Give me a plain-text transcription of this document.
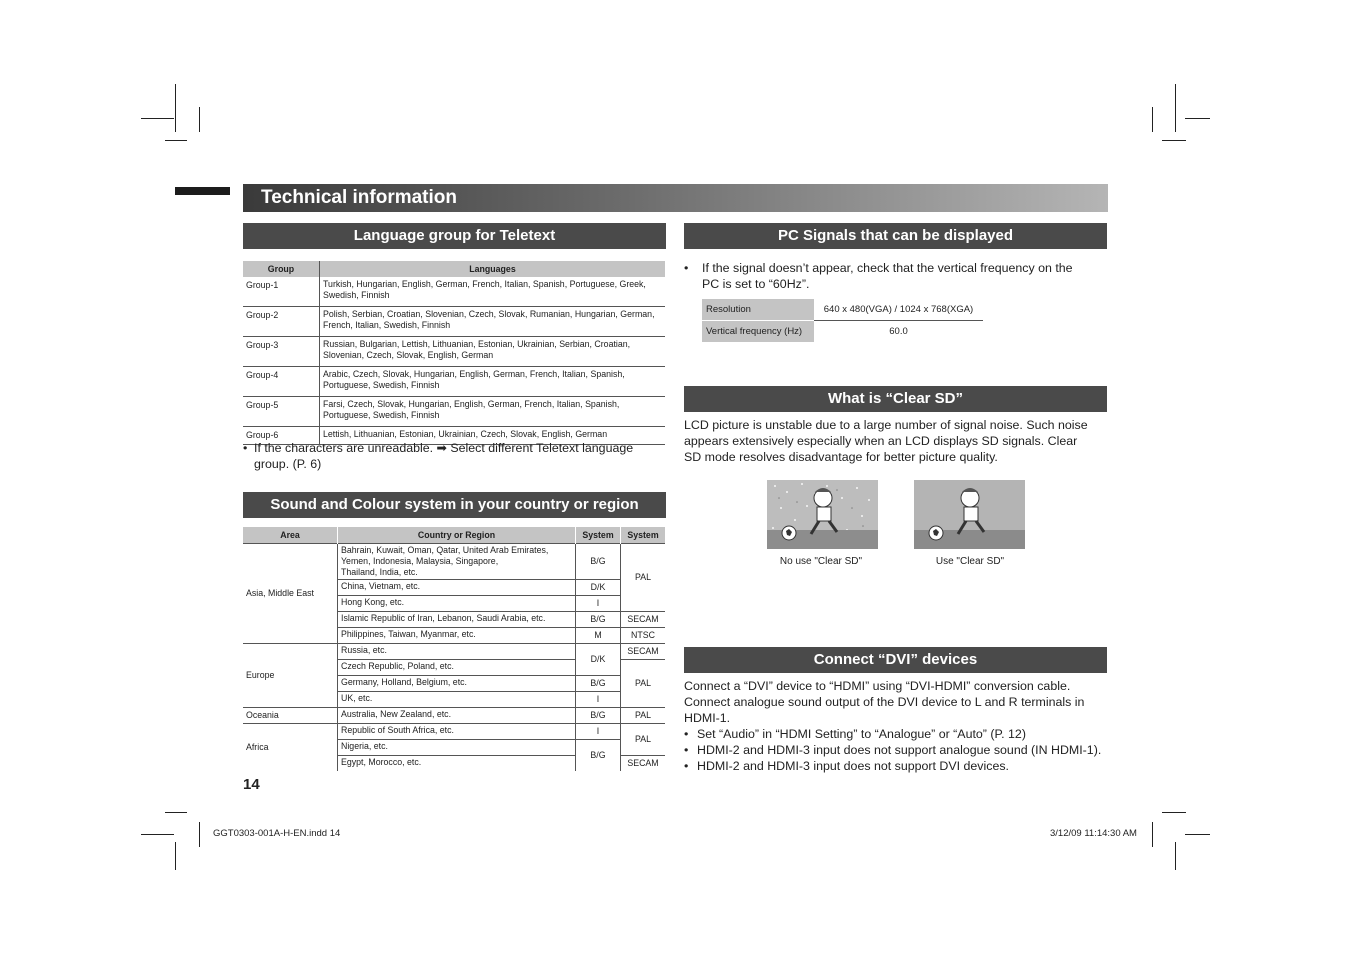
Technical information
Language group for Teletext
Group	Languages
Group-1	Turkish, Hungarian, English, German, French, Italian, Spanish, Portuguese, Greek, Swedish, Finnish
Group-2	Polish, Serbian, Croatian, Slovenian, Czech, Slovak, Rumanian, Hungarian, German, French, Italian, Swedish, Finnish
Group-3	Russian, Bulgarian, Lettish, Lithuanian, Estonian, Ukrainian, Serbian, Croatian, Slovenian, Czech, Slovak, English, German
Group-4	Arabic, Czech, Slovak, Hungarian, English, German, French, Italian, Spanish, Portuguese, Swedish, Finnish
Group-5	Farsi, Czech, Slovak, Hungarian, English, German, French, Italian, Spanish, Portuguese, Swedish, Finnish
Group-6	Lettish, Lithuanian, Estonian, Ukrainian, Czech, Slovak, English, German
• If the characters are unreadable. ➡ Select different Teletext language
group. (P. 6)
Sound and Colour system in your country or region
Area	Country or Region	System	System
Asia, Middle East	Bahrain, Kuwait, Oman, Qatar, United Arab Emirates,
Yemen, Indonesia, Malaysia, Singapore,
Thailand, India, etc.	B/G	PAL
	China, Vietnam, etc.	D/K	
	Hong Kong, etc.	I	
	Islamic Republic of Iran, Lebanon, Saudi Arabia, etc.	B/G	SECAM
	Philippines, Taiwan, Myanmar, etc.	M	NTSC
Europe	Russia, etc.	D/K	SECAM
	Czech Republic, Poland, etc.		PAL
	Germany, Holland, Belgium, etc.	B/G	
	UK, etc.	I	
Oceania	Australia, New Zealand, etc.	B/G	PAL
Africa	Republic of South Africa, etc.	I	PAL
	Nigeria, etc.	B/G	
	Egypt, Morocco, etc.		SECAM
14
PC Signals that can be displayed
• If the signal doesn’t appear, check that the vertical frequency on the
PC is set to “60Hz”.
Resolution	640 x 480(VGA) / 1024 x 768(XGA)
Vertical frequency (Hz)	60.0
What is “Clear SD”
LCD picture is unstable due to a large number of signal noise. Such noise
appears extensively especially when an LCD displays SD signals. Clear
SD mode resolves disadvantage for better picture quality.
No use "Clear SD"	Use "Clear SD"
Connect “DVI” devices
Connect a “DVI” device to “HDMI” using “DVI-HDMI” conversion cable.
Connect analogue sound output of the DVI device to L and R terminals in
HDMI-1.
• Set “Audio” in “HDMI Setting” to “Analogue” or “Auto” (P. 12)
• HDMI-2 and HDMI-3 input does not support analogue sound (IN HDMI-1).
• HDMI-2 and HDMI-3 input does not support DVI devices.
GGT0303-001A-H-EN.indd 14	3/12/09 11:14:30 AM
